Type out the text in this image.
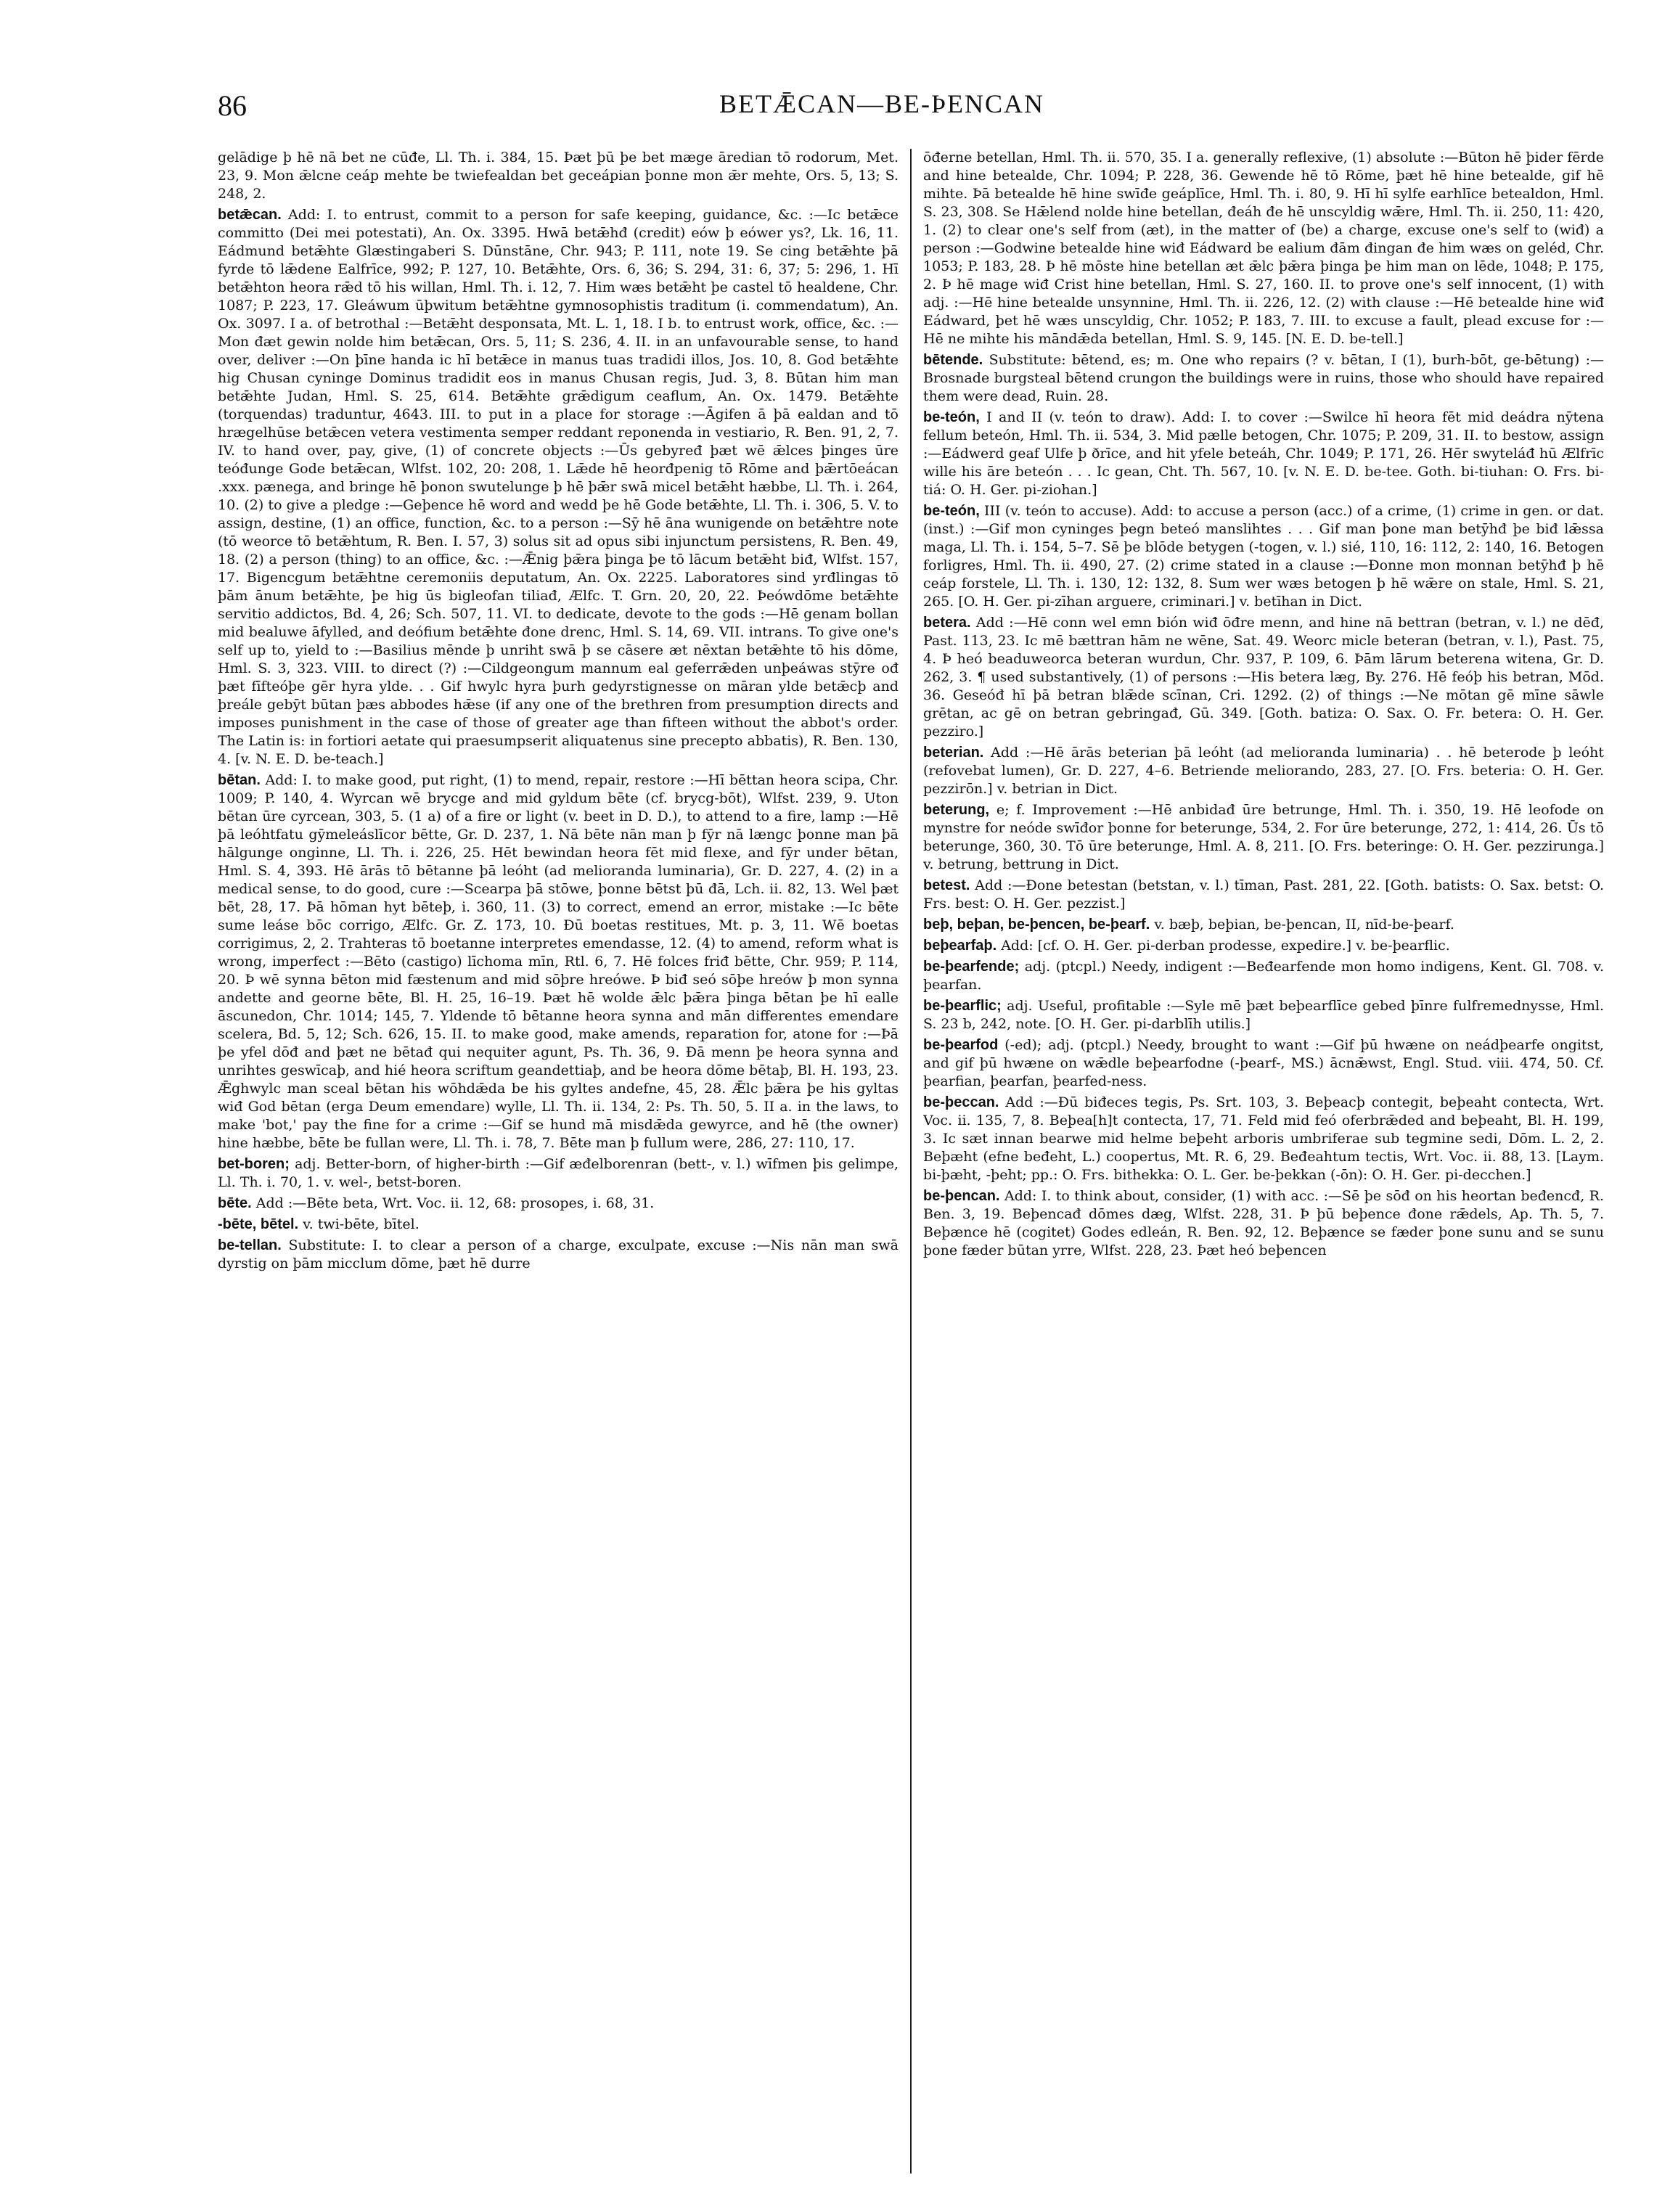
86	BETǢCAN—BE-ÞENCAN

gelādige þ hē nā bet ne cūđe, Ll. Th. i. 384, 15. Þæt þū þe bet mæge āredian tō rodorum, Met. 23, 9. Mon ǣlcne ceáp mehte be twiefealdan bet geceápian þonne mon ǣr mehte, Ors. 5, 13; S. 248, 2.

betǣcan. Add: I. to entrust, commit to a person for safe keeping, guidance, &c. :—Ic betǣce committo (Dei mei potestati), An. Ox. 3395. Hwā betǣhđ (credit) eów þ eówer ys?, Lk. 16, 11. Eádmund betǣhte Glæstingaberi S. Dūnstāne, Chr. 943; P. 111, note 19. Se cing betǣhte þā fyrde tō lǣdene Ealfrīce, 992; P. 127, 10. Betǣhte, Ors. 6, 36; S. 294, 31: 6, 37; 5: 296, 1. Hī betǣhton heora rǣd tō his willan, Hml. Th. i. 12, 7. Him wæs betǣht þe castel tō healdene, Chr. 1087; P. 223, 17. Gleáwum ūþwitum betǣhtne gymnosophistis traditum (i. commendatum), An. Ox. 3097. I a. of betrothal :—Betǣht desponsata, Mt. L. 1, 18. I b. to entrust work, office, &c. :—Mon đæt gewin nolde him betǣcan, Ors. 5, 11; S. 236, 4. II. in an unfavourable sense, to hand over, deliver :—On þīne handa ic hī betǣce in manus tuas tradidi illos, Jos. 10, 8. God betǣhte hig Chusan cyninge Dominus tradidit eos in manus Chusan regis, Jud. 3, 8. Būtan him man betǣhte Judan, Hml. S. 25, 614. Betǣhte grǣdigum ceaflum, An. Ox. 1479. Betǣhte (torquendas) traduntur, 4643. III. to put in a place for storage :—Āgifen ā þā ealdan and tō hrægelhūse betǣcen vetera vestimenta semper reddant reponenda in vestiario, R. Ben. 91, 2, 7. IV. to hand over, pay, give, (1) of concrete objects :—Ūs gebyređ þæt wē ǣlces þinges ūre teóđunge Gode betǣcan, Wlfst. 102, 20: 208, 1. Lǣde hē heorđpenig tō Rōme and þǣrtōeácan .xxx. pænega, and bringe hē þonon swutelunge þ hē þǣr swā micel betǣht hæbbe, Ll. Th. i. 264, 10. (2) to give a pledge :—Geþence hē word and wedd þe hē Gode betǣhte, Ll. Th. i. 306, 5. V. to assign, destine, (1) an office, function, &c. to a person :—Sȳ hē āna wunigende on betǣhtre note (tō weorce tō betǣhtum, R. Ben. I. 57, 3) solus sit ad opus sibi injunctum persistens, R. Ben. 49, 18. (2) a person (thing) to an office, &c. :—Ǣnig þǣra þinga þe tō lācum betǣht biđ, Wlfst. 157, 17. Bigencgum betǣhtne ceremoniis deputatum, An. Ox. 2225. Laboratores sind yrđlingas tō þām ānum betǣhte, þe hig ūs bigleofan tiliađ, Ælfc. T. Grn. 20, 20, 22. Þeówdōme betǣhte servitio addictos, Bd. 4, 26; Sch. 507, 11. VI. to dedicate, devote to the gods :—Hē genam bollan mid bealuwe āfylled, and deófium betǣhte đone drenc, Hml. S. 14, 69. VII. intrans. To give one's self up to, yield to :—Basilius mēnde þ unriht swā þ se cāsere æt nēxtan betǣhte tō his dōme, Hml. S. 3, 323. VIII. to direct (?) :—Cildgeongum mannum eal geferrǣden unþeáwas stȳre ođ þæt fīfteóþe gēr hyra ylde. . . Gif hwylc hyra þurh gedyrstignesse on māran ylde betǣcþ and þreále gebȳt būtan þæs abbodes hǣse (if any one of the brethren from presumption directs and imposes punishment in the case of those of greater age than fifteen without the abbot's order. The Latin is: in fortiori aetate qui praesumpserit aliquatenus sine precepto abbatis), R. Ben. 130, 4. [v. N. E. D. be-teach.]

bētan. Add: I. to make good, put right, (1) to mend, repair, restore :—Hī bēttan heora scipa, Chr. 1009; P. 140, 4. Wyrcan wē brycge and mid gyldum bēte (cf. brycg-bōt), Wlfst. 239, 9. Uton bētan ūre cyrcean, 303, 5. (1 a) of a fire or light (v. beet in D. D.), to attend to a fire, lamp :—Hē þā leóhtfatu gȳmeleáslīcor bētte, Gr. D. 237, 1. Nā bēte nān man þ fȳr nā længc þonne man þā hālgunge onginne, Ll. Th. i. 226, 25. Hēt bewindan heora fēt mid flexe, and fȳr under bētan, Hml. S. 4, 393. Hē ārās tō bētanne þā leóht (ad melioranda luminaria), Gr. D. 227, 4. (2) in a medical sense, to do good, cure :—Scearpa þā stōwe, þonne bētst þū đā, Lch. ii. 82, 13. Wel þæt bēt, 28, 17. Þā hōman hyt bēteþ, i. 360, 11. (3) to correct, emend an error, mistake :—Ic bēte sume leáse bōc corrigo, Ælfc. Gr. Z. 173, 10. Đū boetas restitues, Mt. p. 3, 11. Wē boetas corrigimus, 2, 2. Trahteras tō boetanne interpretes emendasse, 12. (4) to amend, reform what is wrong, imperfect :—Bēto (castigo) līchoma mīn, Rtl. 6, 7. Hē folces friđ bētte, Chr. 959; P. 114, 20. Þ wē synna bēton mid fæstenum and mid sōþre hreówe. Þ biđ seó sōþe hreów þ mon synna andette and geornе bēte, Bl. H. 25, 16–19. Þæt hē wolde ǣlc þǣra þinga bētan þe hī ealle āscunedon, Chr. 1014; 145, 7. Yldende tō bētanne heora synna and mān differentes emendare scelera, Bd. 5, 12; Sch. 626, 15. II. to make good, make amends, reparation for, atone for :—Þā þe yfel dōđ and þæt ne bētađ qui nequiter agunt, Ps. Th. 36, 9. Đā menn þe heora synna and unrihtes geswīcaþ, and hié heora scriftum geandettiaþ, and be heora dōme bētaþ, Bl. H. 193, 23. Ǣghwylc man sceal bētan his wōhdǣda be his gyltes andefne, 45, 28. Ǣlc þǣra þe his gyltas wiđ God bētan (erga Deum emendare) wylle, Ll. Th. ii. 134, 2: Ps. Th. 50, 5. II a. in the laws, to make 'bot,' pay the fine for a crime :—Gif se hund mā misdǣda gewyrce, and hē (the owner) hine hæbbe, bēte be fullan were, Ll. Th. i. 78, 7. Bēte man þ fullum were, 286, 27: 110, 17.

bet-boren; adj. Better-born, of higher-birth :—Gif æđelborenran (bett-, v. l.) wīfmen þis gelimpe, Ll. Th. i. 70, 1. v. wel-, betst-boren.

bēte. Add :—Bēte beta, Wrt. Voc. ii. 12, 68: prosopes, i. 68, 31.

-bēte, bētel. v. twi-bēte, bītel.

be-tellan. Substitute: I. to clear a person of a charge, exculpate, excuse :—Nis nān man swā dyrstig on þām micclum dōme, þæt hē durre

ōđerne betellan, Hml. Th. ii. 570, 35. I a. generally reflexive, (1) absolute :—Būton hē þider fērde and hine betealde, Chr. 1094; P. 228, 36. Gewende hē tō Rōme, þæt hē hine betealde, gif hē mihte. Þā betealde hē hine swīđe geáplīce, Hml. Th. i. 80, 9. Hī hī sylfe earhlīce betealdon, Hml. S. 23, 308. Se Hǣlend nolde hine betellan, đeáh đe hē unscyldig wǣre, Hml. Th. ii. 250, 11: 420, 1. (2) to clear one's self from (æt), in the matter of (be) a charge, excuse one's self to (wiđ) a person :—Godwine betealde hine wiđ Eádward be ealium đām đingan đe him wæs on geléd, Chr. 1053; P. 183, 28. Þ hē mōste hine betellan æt ǣlc þǣra þinga þe him man on lēde, 1048; P. 175, 2. Þ hē mage wiđ Crist hine betellan, Hml. S. 27, 160. II. to prove one's self innocent, (1) with adj. :—Hē hine betealde unsynnine, Hml. Th. ii. 226, 12. (2) with clause :—Hē betealde hine wiđ Eádward, þet hē wæs unscyldig, Chr. 1052; P. 183, 7. III. to excuse a fault, plead excuse for :—Hē ne mihte his māndǣda betellan, Hml. S. 9, 145. [N. E. D. be-tell.]

bētende. Substitute: bētend, es; m. One who repairs (? v. bētan, I (1), burh-bōt, ge-bētung) :—Brosnade burgsteal bētend crungon the buildings were in ruins, those who should have repaired them were dead, Ruin. 28.

be-teón, I and II (v. teón to draw). Add: I. to cover :—Swilce hī heora fēt mid deádra nȳtena fellum beteón, Hml. Th. ii. 534, 3. Mid pælle betogen, Chr. 1075; P. 209, 31. II. to bestow, assign :—Eádwerd geaf Ulfe þ ðrīce, and hit yfele beteáh, Chr. 1049; P. 171, 26. Hēr swyteláđ hū Ælfrīc wille his āre beteón . . . Ic gean, Cht. Th. 567, 10. [v. N. E. D. be-tee. Goth. bi-tiuhan: O. Frs. bi-tiá: O. H. Ger. pi-ziohan.]

be-teón, III (v. teón to accuse). Add: to accuse a person (acc.) of a crime, (1) crime in gen. or dat. (inst.) :—Gif mon cyninges þegn beteó manslihtes . . . Gif man þone man betȳhđ þe biđ lǣssa maga, Ll. Th. i. 154, 5–7. Sē þe blōde betygen (-togen, v. l.) sié, 110, 16: 112, 2: 140, 16. Betogen forligres, Hml. Th. ii. 490, 27. (2) crime stated in a clause :—Đonne mon monnan betȳhđ þ hē ceáp forstele, Ll. Th. i. 130, 12: 132, 8. Sum wer wæs betogen þ hē wǣre on stale, Hml. S. 21, 265. [O. H. Ger. pi-zīhan arguere, criminari.] v. betīhan in Dict.

betera. Add :—Hē conn wel emn bión wiđ ōđre menn, and hine nā bettran (betran, v. l.) ne dēđ, Past. 113, 23. Ic mē bættran hām ne wēne, Sat. 49. Weorc micle beteran (betran, v. l.), Past. 75, 4. Þ heó beaduweorca beteran wurdun, Chr. 937, P. 109, 6. Þām lārum beterena witena, Gr. D. 262, 3. ¶ used substantively, (1) of persons :—His betera læg, By. 276. Hē feóþ his betran, Mōd. 36. Geseóđ hī þā betran blǣde scīnan, Cri. 1292. (2) of things :—Ne mōtan gē mīne sāwle grētan, ac gē on betran gebringađ, Gū. 349. [Goth. batiza: O. Sax. O. Fr. betera: O. H. Ger. pezziro.]

beterian. Add :—Hē ārās beterian þā leóht (ad melioranda luminaria) . . hē beterode þ leóht (refovebat lumen), Gr. D. 227, 4–6. Betriende meliorando, 283, 27. [O. Frs. beteria: O. H. Ger. pezzirōn.] v. betrian in Dict.

beterung, e; f. Improvement :—Hē anbidađ ūre betrunge, Hml. Th. i. 350, 19. Hē leofode on mynstre for neóde swīđor þonne for beterunge, 534, 2. For ūre beterunge, 272, 1: 414, 26. Ūs tō beterunge, 360, 30. Tō ūre beterunge, Hml. A. 8, 211. [O. Frs. beteringe: O. H. Ger. pezzirunga.] v. betrung, bettrung in Dict.

betest. Add :—Đone betestan (betstan, v. l.) tīman, Past. 281, 22. [Goth. batists: O. Sax. betst: O. Frs. best: O. H. Ger. pezzist.]

beþ, beþan, be-þencen, be-þearf. v. bæþ, beþian, be-þencan, II, nīd-be-þearf.

beþearfaþ. Add: [cf. O. H. Ger. pi-derban prodesse, expedire.] v. be-þearflic.

be-þearfende; adj. (ptcpl.) Needy, indigent :—Beđearfende mon homo indigens, Kent. Gl. 708. v. þearfan.

be-þearflic; adj. Useful, profitable :—Syle mē þæt beþearflīce gebed þīnre fulfremednysse, Hml. S. 23 b, 242, note. [O. H. Ger. pi-darblīh utilis.]

be-þearfod (-ed); adj. (ptcpl.) Needy, brought to want :—Gif þū hwæne on neádþearfe ongitst, and gif þū hwæne on wǣdle beþearfodne (-þearf-, MS.) ācnǣwst, Engl. Stud. viii. 474, 50. Cf. þearfian, þearfan, þearfed-ness.

be-þeccan. Add :—Đū biđeces tegis, Ps. Srt. 103, 3. Beþeacþ contegit, beþeaht contecta, Wrt. Voc. ii. 135, 7, 8. Beþea[h]t contecta, 17, 71. Feld mid feó oferbrǣded and beþeaht, Bl. H. 199, 3. Ic sæt innan bearwe mid helme beþeht arboris umbriferae sub tegmine sedi, Dōm. L. 2, 2. Beþæht (efne beđeht, L.) coopertus, Mt. R. 6, 29. Beđeahtum tectis, Wrt. Voc. ii. 88, 13. [Laym. bi-þæht, -þeht; pp.: O. Frs. bithekka: O. L. Ger. be-þekkan (-ōn): O. H. Ger. pi-decchen.]

be-þencan. Add: I. to think about, consider, (1) with acc. :—Sē þe sōđ on his heortan beđencđ, R. Ben. 3, 19. Beþencađ dōmes dæg, Wlfst. 228, 31. Þ þū beþence đone rǣdels, Ap. Th. 5, 7. Beþænce hē (cogitet) Godes edleán, R. Ben. 92, 12. Beþænce se fæder þone sunu and se sunu þone fæder būtan yrre, Wlfst. 228, 23. Þæt heó beþencen
